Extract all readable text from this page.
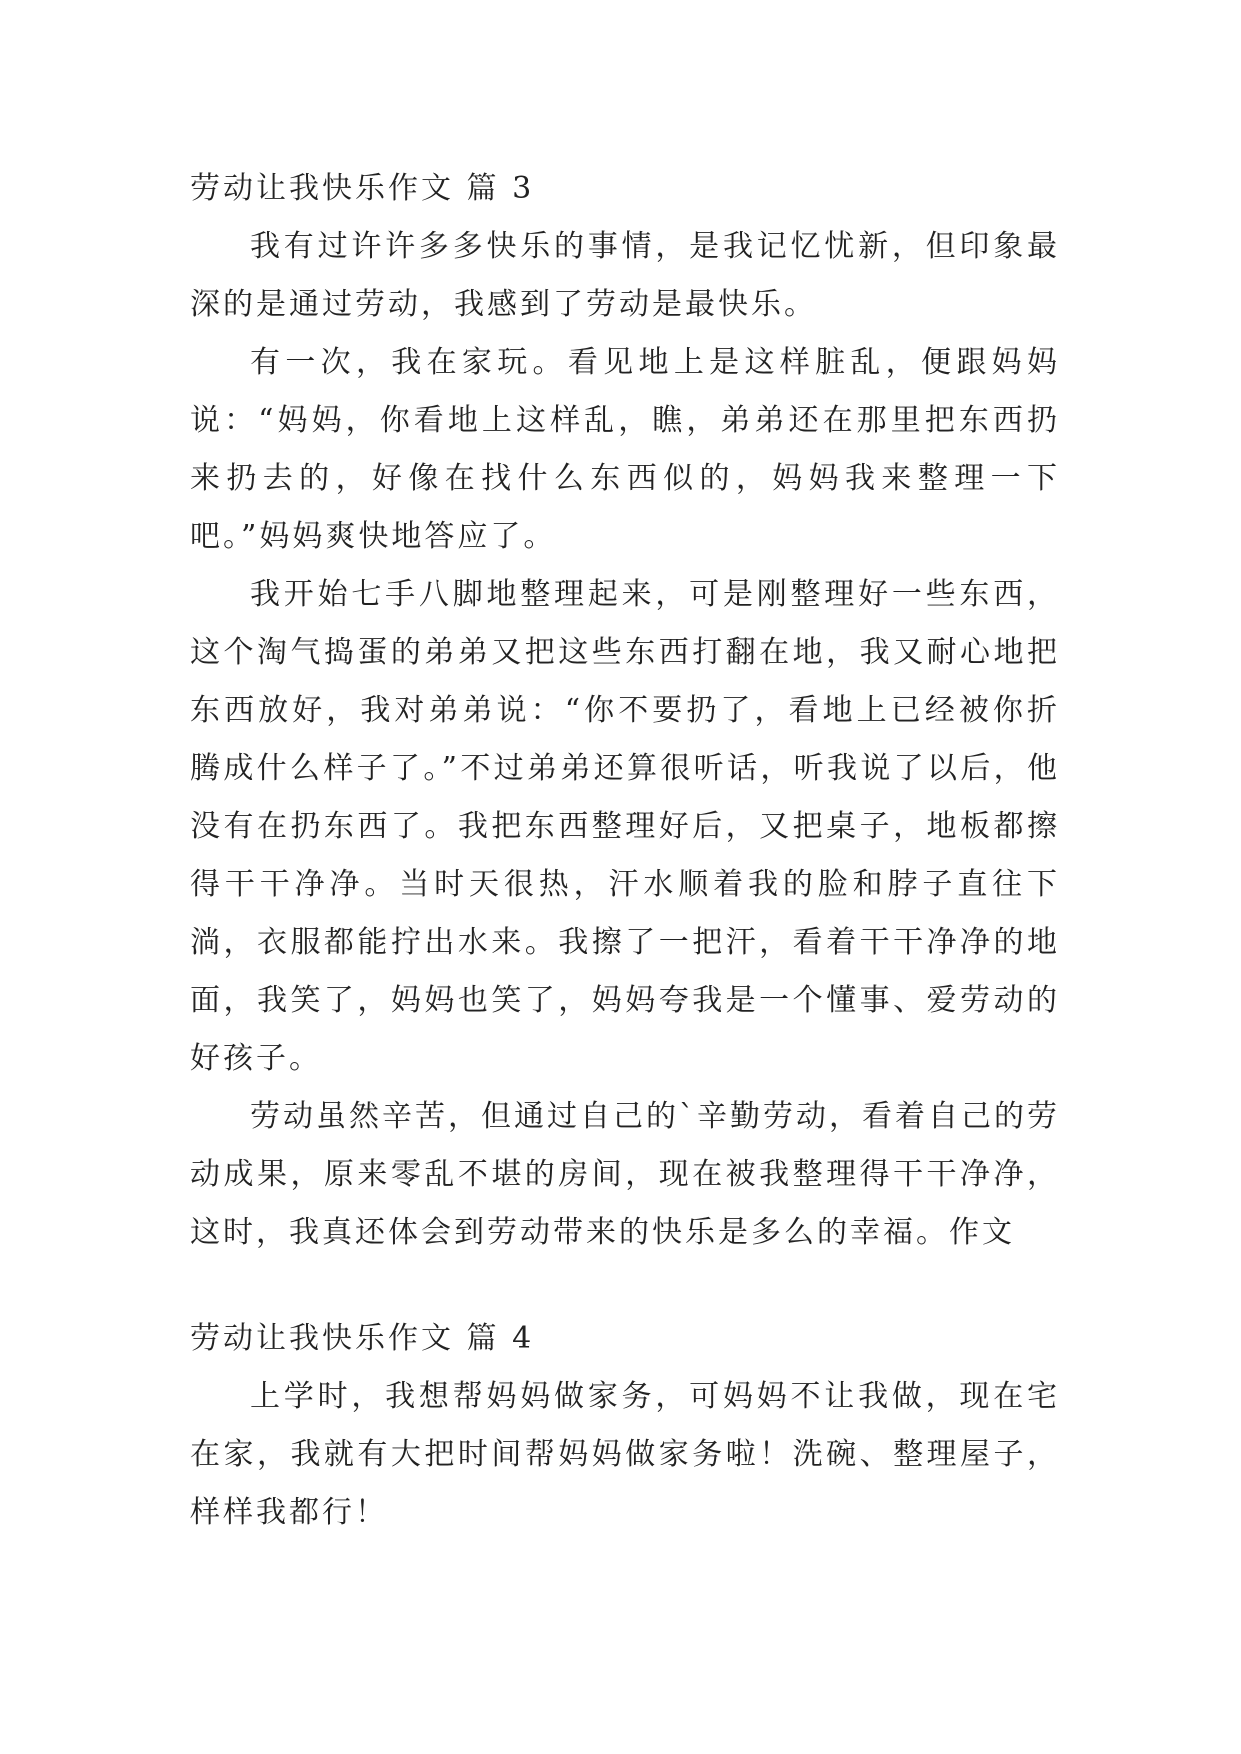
劳动让我快乐作文 篇 3

我有过许许多多快乐的事情，是我记忆忧新，但印象最深的是通过劳动，我感到了劳动是最快乐。

有一次，我在家玩。看见地上是这样脏乱，便跟妈妈说：“妈妈，你看地上这样乱，瞧，弟弟还在那里把东西扔来扔去的，好像在找什么东西似的，妈妈我来整理一下吧。”妈妈爽快地答应了。

我开始七手八脚地整理起来，可是刚整理好一些东西，这个淘气捣蛋的弟弟又把这些东西打翻在地，我又耐心地把东西放好，我对弟弟说：“你不要扔了，看地上已经被你折腾成什么样子了。”不过弟弟还算很听话，听我说了以后，他没有在扔东西了。我把东西整理好后，又把桌子，地板都擦得干干净净。当时天很热，汗水顺着我的脸和脖子直往下淌，衣服都能拧出水来。我擦了一把汗，看着干干净净的地面，我笑了，妈妈也笑了，妈妈夸我是一个懂事、爱劳动的好孩子。

劳动虽然辛苦，但通过自己的`辛勤劳动，看着自己的劳动成果，原来零乱不堪的房间，现在被我整理得干干净净，这时，我真还体会到劳动带来的快乐是多么的幸福。作文

劳动让我快乐作文 篇 4

上学时，我想帮妈妈做家务，可妈妈不让我做，现在宅在家，我就有大把时间帮妈妈做家务啦！洗碗、整理屋子，样样我都行！
